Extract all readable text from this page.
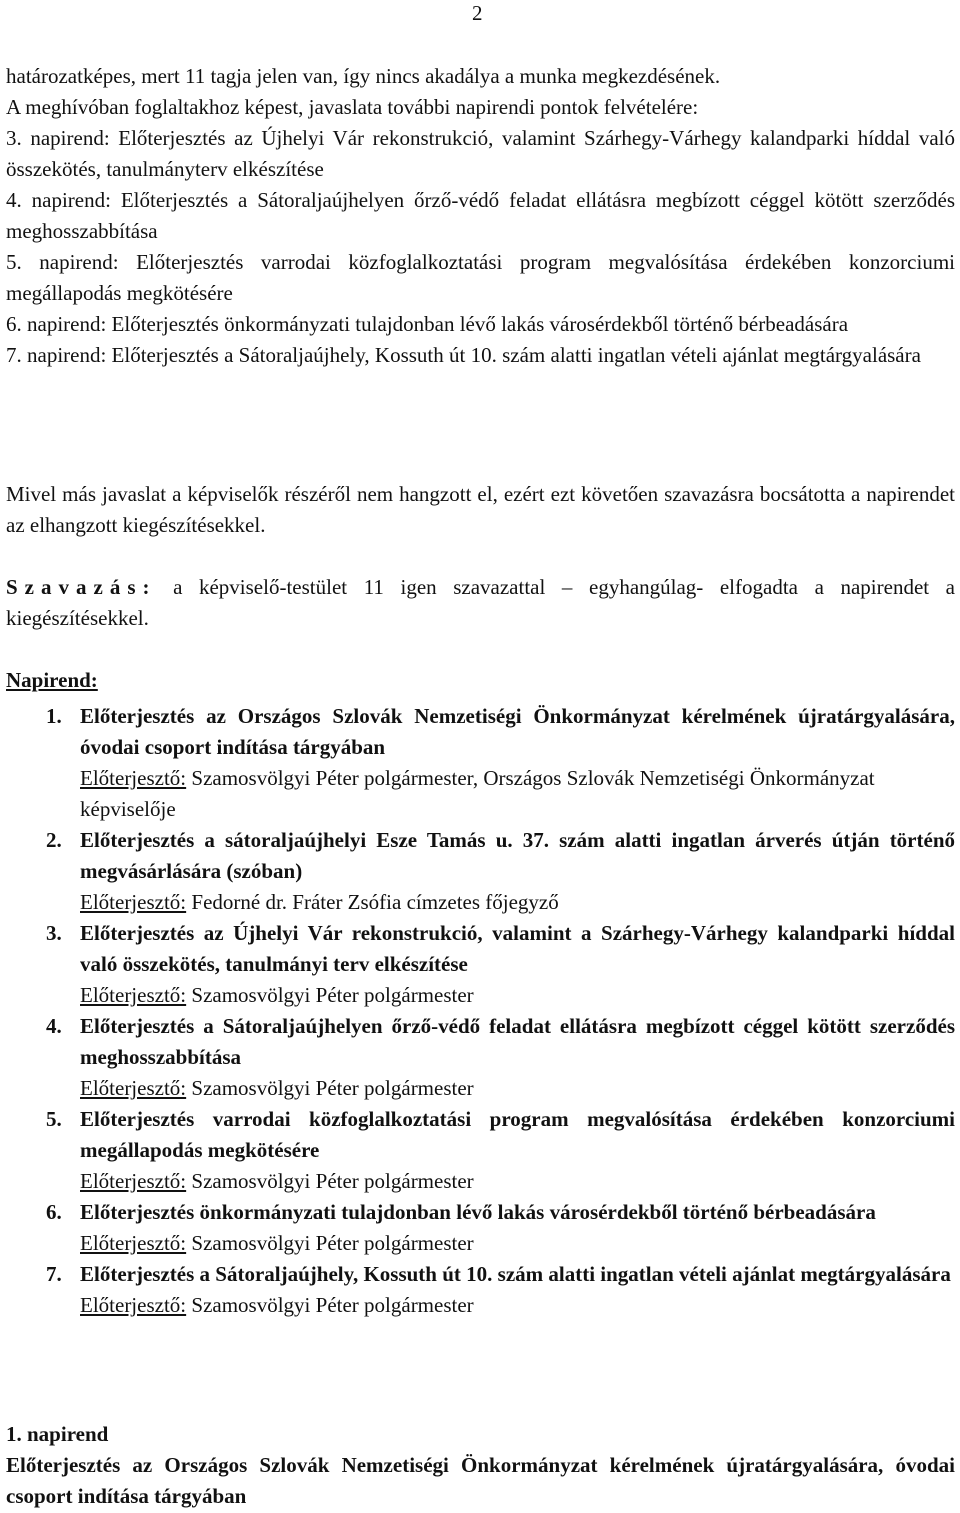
2

határozatképes, mert 11 tagja jelen van, így nincs akadálya a munka megkezdésének.

A meghívóban foglaltakhoz képest, javaslata további napirendi pontok felvételére:

3. napirend: Előterjesztés az Újhelyi Vár rekonstrukció, valamint Szárhegy-Várhegy kalandparki híddal való összekötés, tanulmányterv elkészítése

4. napirend: Előterjesztés a Sátoraljaújhelyen őrző-védő feladat ellátásra megbízott céggel kötött szerződés meghosszabbítása

5. napirend: Előterjesztés varrodai közfoglalkoztatási program megvalósítása érdekében konzorciumi megállapodás megkötésére

6. napirend: Előterjesztés önkormányzati tulajdonban lévő lakás városérdekből történő bérbeadására

7. napirend: Előterjesztés a Sátoraljaújhely, Kossuth út 10. szám alatti ingatlan vételi ajánlat megtárgyalására

Mivel más javaslat a képviselők részéről nem hangzott el, ezért ezt követően szavazásra bocsátotta a napirendet az elhangzott kiegészítésekkel.

Szavazás: a képviselő-testület 11 igen szavazattal – egyhangúlag- elfogadta a napirendet a kiegészítésekkel.

Napirend:

1. Előterjesztés az Országos Szlovák Nemzetiségi Önkormányzat kérelmének újratárgyalására, óvodai csoport indítása tárgyában
Előterjesztő: Szamosvölgyi Péter polgármester, Országos Szlovák Nemzetiségi Önkormányzat képviselője
2. Előterjesztés a sátoraljaújhelyi Esze Tamás u. 37. szám alatti ingatlan árverés útján történő megvásárlására (szóban)
Előterjesztő: Fedorné dr. Fráter Zsófia címzetes főjegyző
3. Előterjesztés az Újhelyi Vár rekonstrukció, valamint a Szárhegy-Várhegy kalandparki híddal való összekötés, tanulmányi terv elkészítése
Előterjesztő: Szamosvölgyi Péter polgármester
4. Előterjesztés a Sátoraljaújhelyen őrző-védő feladat ellátásra megbízott céggel kötött szerződés meghosszabbítása
Előterjesztő: Szamosvölgyi Péter polgármester
5. Előterjesztés varrodai közfoglalkoztatási program megvalósítása érdekében konzorciumi megállapodás megkötésére
Előterjesztő: Szamosvölgyi Péter polgármester
6. Előterjesztés önkormányzati tulajdonban lévő lakás városérdekből történő bérbeadására
Előterjesztő: Szamosvölgyi Péter polgármester
7. Előterjesztés a Sátoraljaújhely, Kossuth út 10. szám alatti ingatlan vételi ajánlat megtárgyalására
Előterjesztő: Szamosvölgyi Péter polgármester

1. napirend

Előterjesztés az Országos Szlovák Nemzetiségi Önkormányzat kérelmének újratárgyalására, óvodai csoport indítása tárgyában
